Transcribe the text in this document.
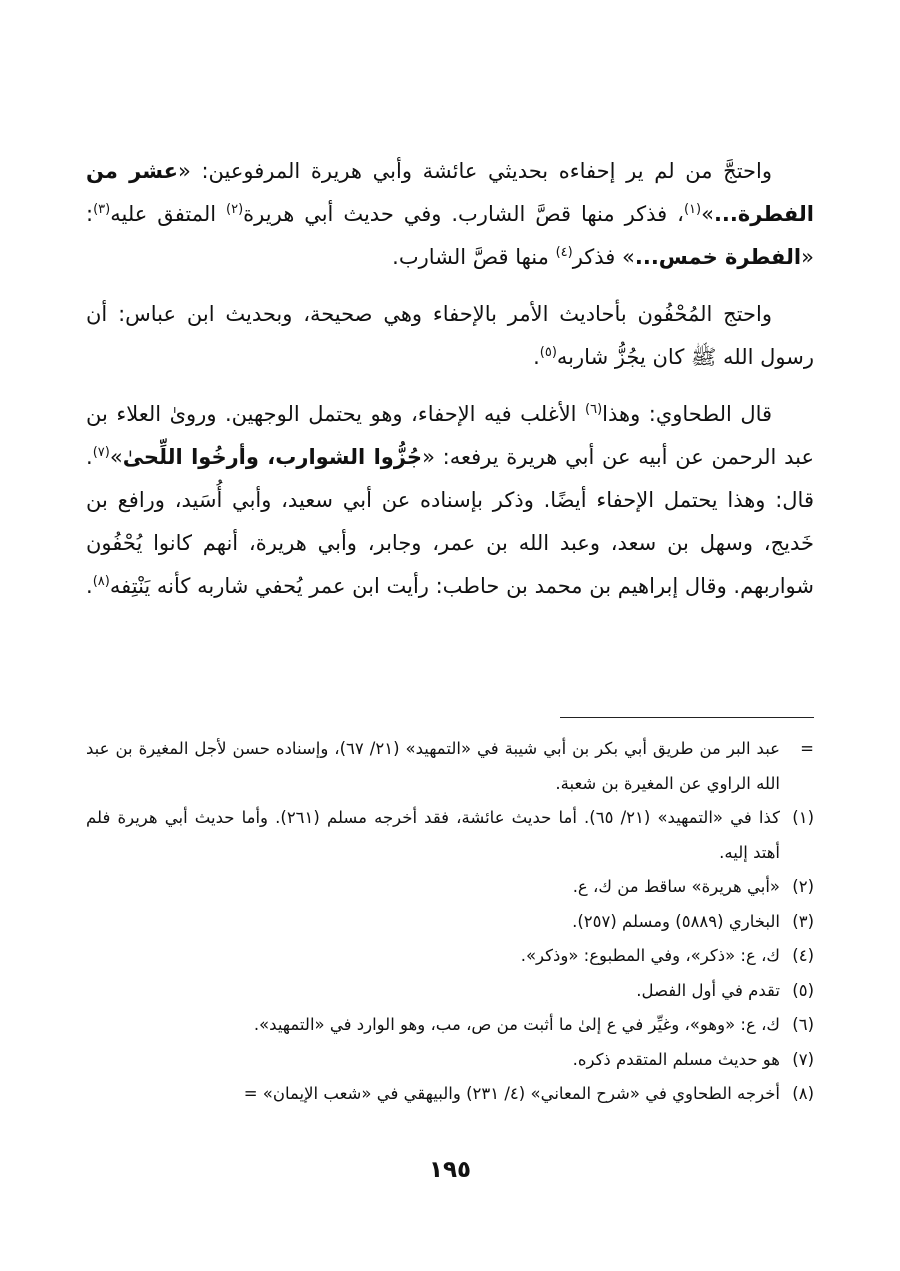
  واحتجَّ من لم ير إحفاءه بحديثي عائشة وأبي هريرة المرفوعين: «عشر من الفطرة...»$^{(١)}$، فذكر منها قصَّ الشارب. وفي حديث أبي هريرة$^{(٢)}$ المتفق عليه$^{(٣)}$: «الفطرة خمس...» فذكر$^{(٤)}$ منها قصَّ الشارب.

  واحتج المُحْفُون بأحاديث الأمر بالإحفاء وهي صحيحة، وبحديث ابن عباس: أن رسول الله ﷺ كان يجُزُّ شاربه$^{(٥)}$.

  قال الطحاوي: وهذا$^{(٦)}$ الأغلب فيه الإحفاء، وهو يحتمل الوجهين. وروىٰ العلاء بن عبد الرحمن عن أبيه عن أبي هريرة يرفعه: «جُزُّوا الشوارب، وأرخُوا اللِّحىٰ»$^{(٧)}$. قال: وهذا يحتمل الإحفاء أيضًا. وذكر بإسناده عن أبي سعيد، وأبي أُسَيد، ورافع بن خَديج، وسهل بن سعد، وعبد الله بن عمر، وجابر، وأبي هريرة، أنهم كانوا يُحْفُون شواربهم. وقال إبراهيم بن محمد بن حاطب: رأيت ابن عمر يُحفي شاربه كأنه يَنْتِفه$^{(٨)}$.

=
عبد البر من طريق أبي بكر بن أبي شيبة في «التمهيد» (٢١/ ٦٧)، وإسناده حسن لأجل المغيرة بن عبد الله الراوي عن المغيرة بن شعبة.
(١)
كذا في «التمهيد» (٢١/ ٦٥). أما حديث عائشة، فقد أخرجه مسلم (٢٦١). وأما حديث أبي هريرة فلم أهتد إليه.
(٢)
«أبي هريرة» ساقط من ك، ع.
(٣)
البخاري (٥٨٨٩) ومسلم (٢٥٧).
(٤)
ك، ع: «ذكر»، وفي المطبوع: «وذكر».
(٥)
تقدم في أول الفصل.
(٦)
ك، ع: «وهو»، وغيِّر في ع إلىٰ ما أثبت من ص، مب، وهو الوارد في «التمهيد».
(٧)
هو حديث مسلم المتقدم ذكره.
(٨)
أخرجه الطحاوي في «شرح المعاني» (٤/ ٢٣١) والبيهقي في «شعب الإيمان» =
١٩٥
